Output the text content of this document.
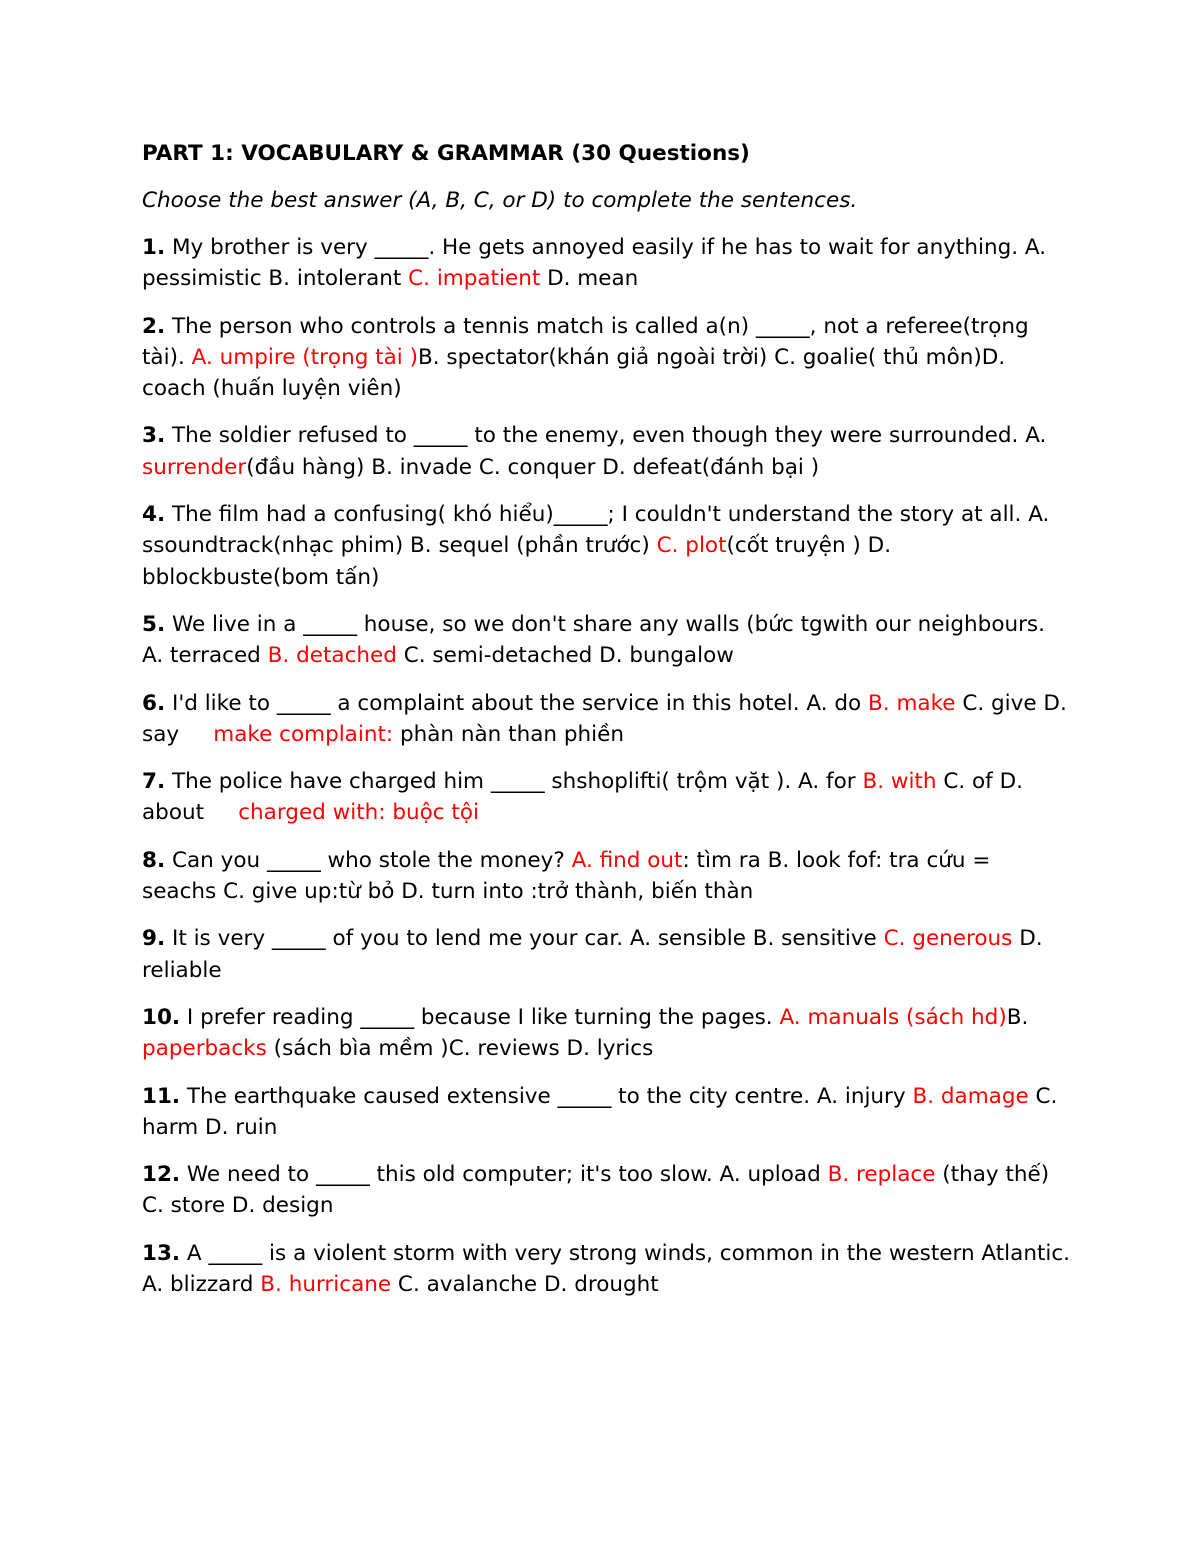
PART 1: VOCABULARY & GRAMMAR (30 Questions)
Choose the best answer (A, B, C, or D) to complete the sentences.
1. My brother is very _____. He gets annoyed easily if he has to wait for anything. A. pessimistic B. intolerant C. impatient D. mean
2. The person who controls a tennis match is called a(n) _____, not a referee(trọng tài). A. umpire (trọng tài )B. spectator(khán giả ngoài trời) C. goalie( thủ môn)D. coach (huấn luyện viên)
3. The soldier refused to _____ to the enemy, even though they were surrounded. A. surrender(đầu hàng) B. invade C. conquer D. defeat(đánh bại )
4. The film had a confusing( khó hiểu)_____; I couldn't understand the story at all. A. ssoundtrack(nhạc phim) B. sequel (phần trước) C. plot(cốt truyện ) D. bblockbuste(bom tấn)
5. We live in a _____ house, so we don't share any walls (bức tgwith our neighbours. A. terraced B. detached C. semi-detached D. bungalow
6. I'd like to _____ a complaint about the service in this hotel. A. do B. make C. give D. say     make complaint: phàn nàn than phiền
7. The police have charged him _____ shshoplifti( trộm vặt ). A. for B. with C. of D. about     charged with: buộc tội
8. Can you _____ who stole the money? A. find out: tìm ra B. look fof: tra cứu = seachs C. give up:từ bỏ D. turn into :trở thành, biến thàn
9. It is very _____ of you to lend me your car. A. sensible B. sensitive C. generous D. reliable
10. I prefer reading _____ because I like turning the pages. A. manuals (sách hd)B. paperbacks (sách bìa mềm )C. reviews D. lyrics
11. The earthquake caused extensive _____ to the city centre. A. injury B. damage C. harm D. ruin
12. We need to _____ this old computer; it's too slow. A. upload B. replace (thay thế) C. store D. design
13. A _____ is a violent storm with very strong winds, common in the western Atlantic. A. blizzard B. hurricane C. avalanche D. drought
